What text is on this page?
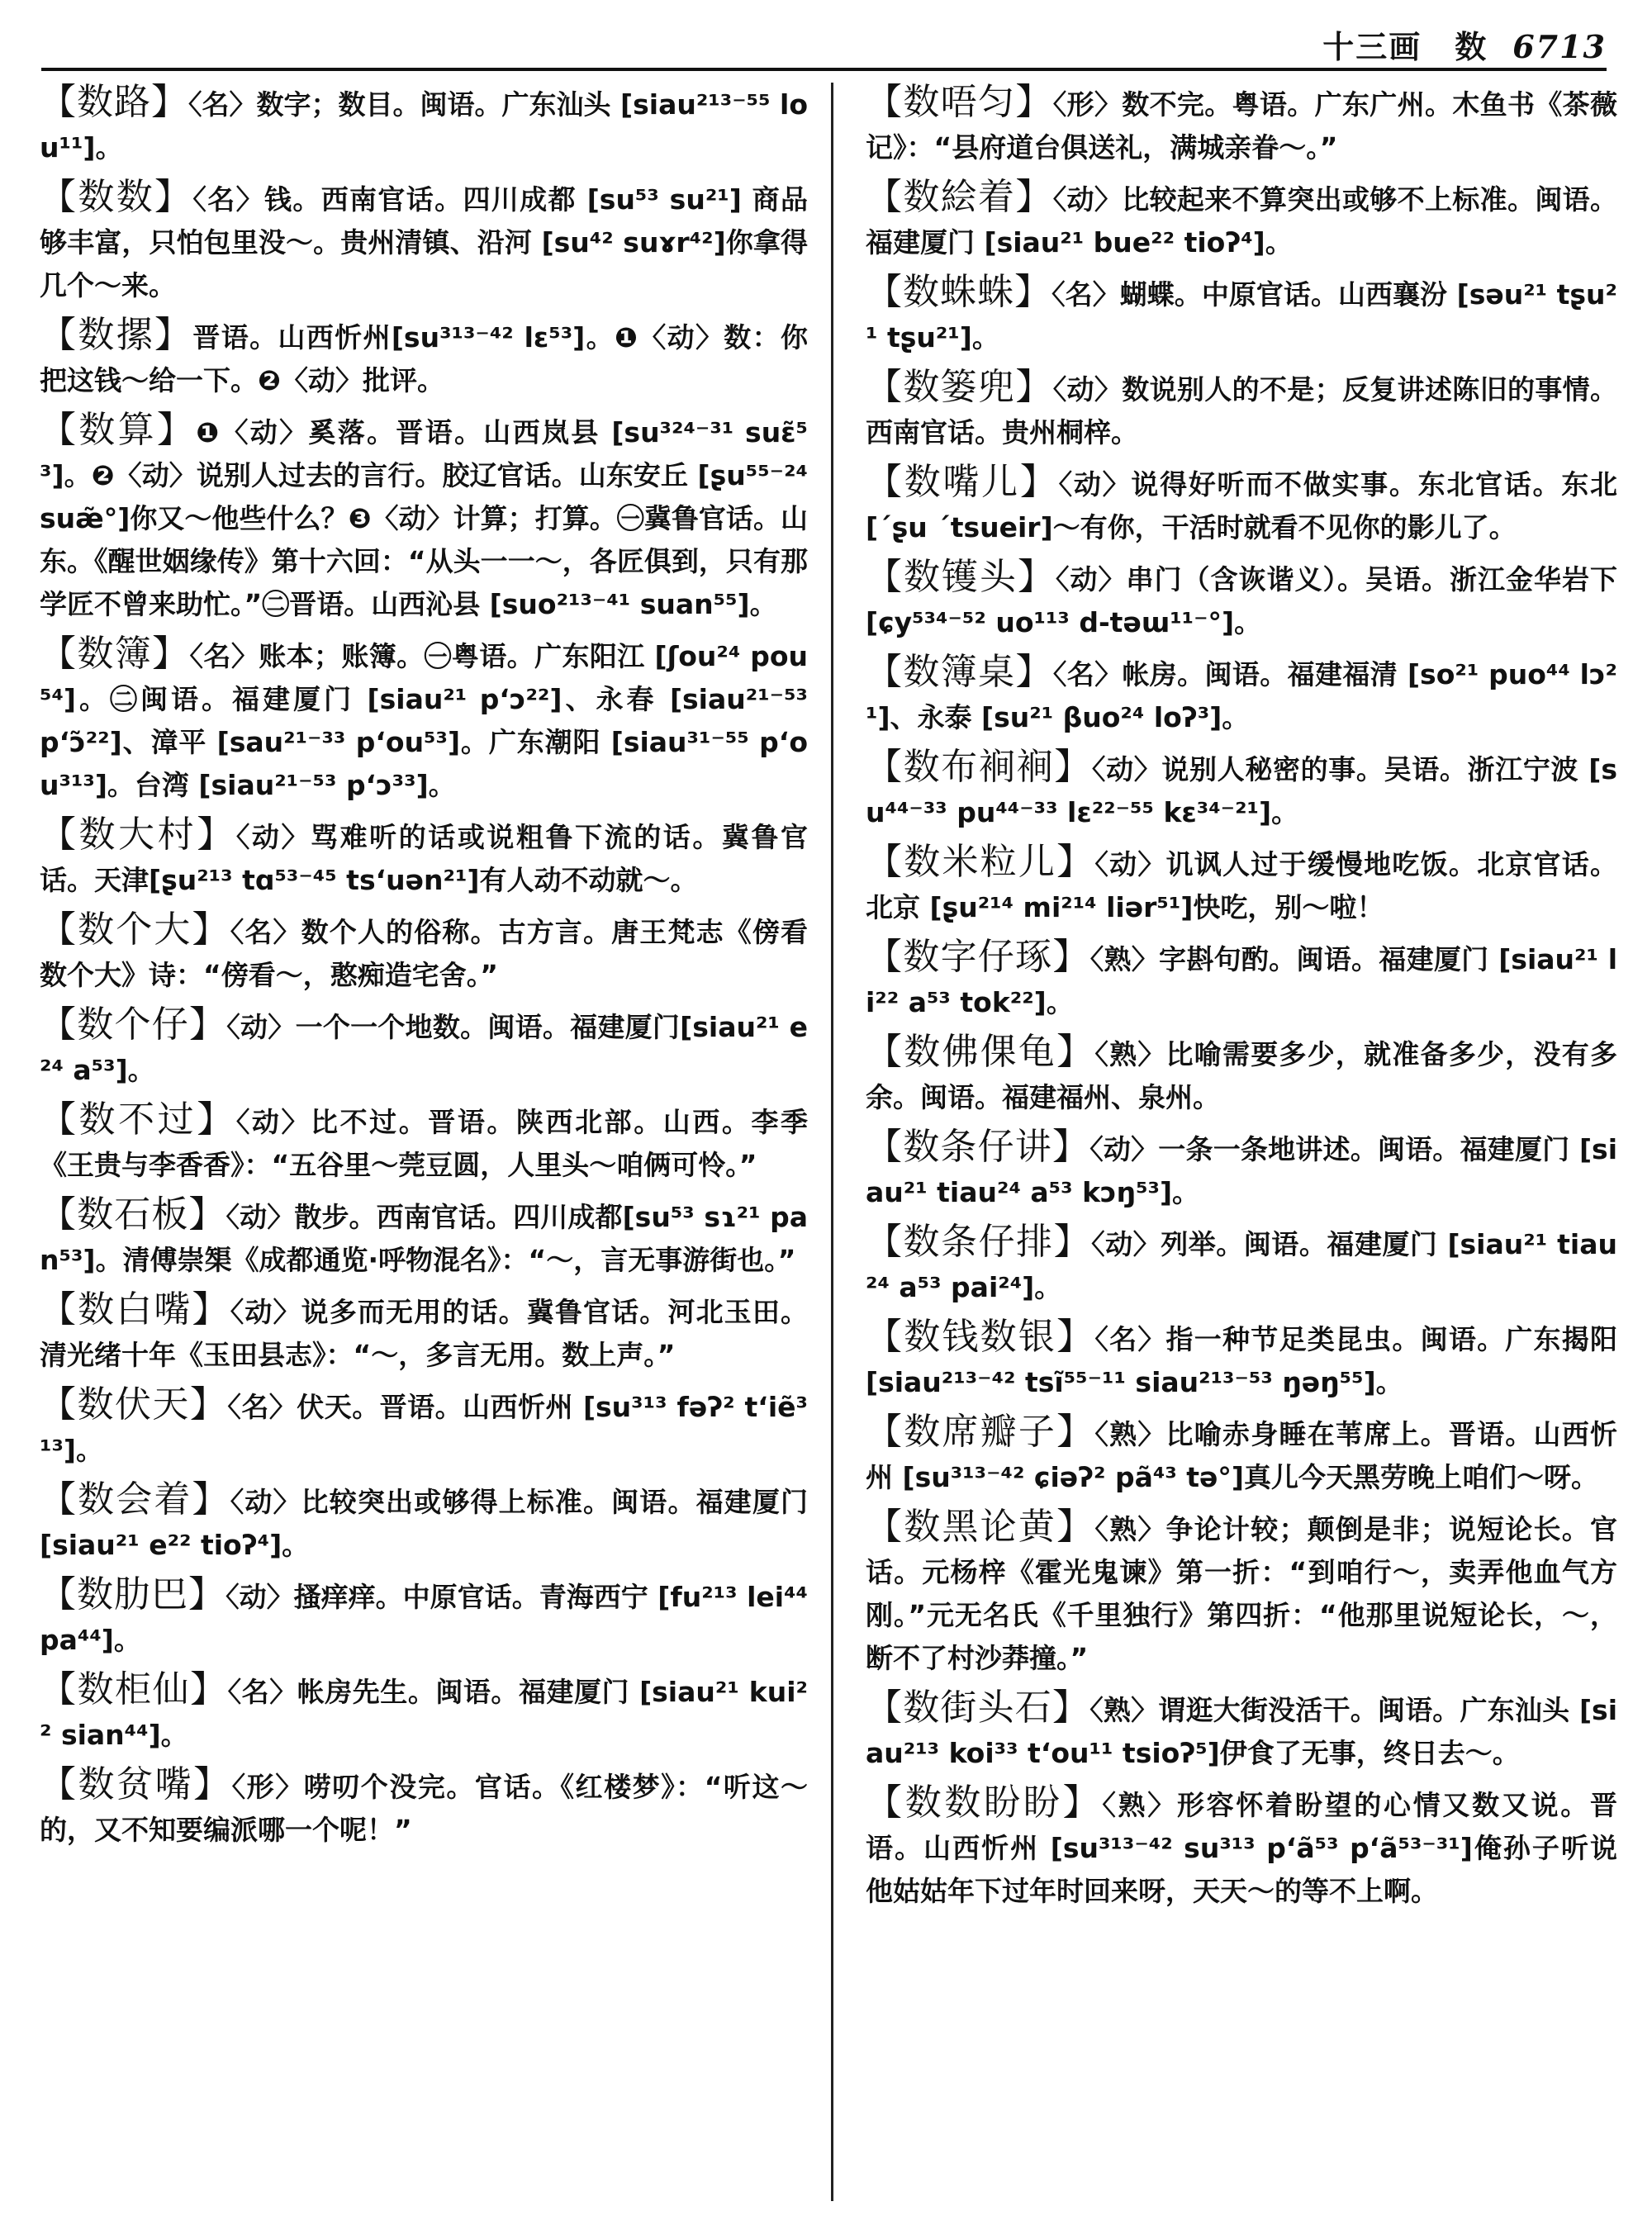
十三画　数 6713

【数路】〈名〉数字；数目。闽语。广东汕头 [siau²¹³⁻⁵⁵ lou¹¹]。

【数数】〈名〉钱。西南官话。四川成都 [su⁵³ su²¹] 商品够丰富，只怕包里没～。贵州清镇、沿河 [su⁴² suɤr⁴²]你拿得几个～来。

【数摞】晋语。山西忻州[su³¹³⁻⁴² lɛ⁵³]。❶〈动〉数：你把这钱～给一下。❷〈动〉批评。

【数算】❶〈动〉奚落。晋语。山西岚县 [su³²⁴⁻³¹ suɛ̃⁵³]。❷〈动〉说别人过去的言行。胶辽官话。山东安丘 [ʂu⁵⁵⁻²⁴ suæ̃°]你又～他些什么？❸〈动〉计算；打算。㊀冀鲁官话。山东。《醒世姻缘传》第十六回：“从头一一～，各匠俱到，只有那学匠不曾来助忙。”㊁晋语。山西沁县 [suo²¹³⁻⁴¹ suan⁵⁵]。

【数簿】〈名〉账本；账簿。㊀粤语。广东阳江 [ʃou²⁴ pou⁵⁴]。㊁闽语。福建厦门 [siau²¹ p‘ɔ²²]、永春 [siau²¹⁻⁵³ p‘ɔ̃²²]、漳平 [sau²¹⁻³³ p‘ou⁵³]。广东潮阳 [siau³¹⁻⁵⁵ p‘ou³¹³]。台湾 [siau²¹⁻⁵³ p‘ɔ³³]。

【数大村】〈动〉骂难听的话或说粗鲁下流的话。冀鲁官话。天津[ʂu²¹³ tɑ⁵³⁻⁴⁵ ts‘uən²¹]有人动不动就～。

【数个大】〈名〉数个人的俗称。古方言。唐王梵志《傍看数个大》诗：“傍看～，憨痴造宅舍。”

【数个仔】〈动〉一个一个地数。闽语。福建厦门[siau²¹ e²⁴ a⁵³]。

【数不过】〈动〉比不过。晋语。陕西北部。山西。李季《王贵与李香香》：“五谷里～莞豆圆，人里头～咱俩可怜。”

【数石板】〈动〉散步。西南官话。四川成都[su⁵³ sɿ²¹ pan⁵³]。清傅崇榘《成都通览·呼物混名》：“～，言无事游街也。”

【数白嘴】〈动〉说多而无用的话。冀鲁官话。河北玉田。清光绪十年《玉田县志》：“～，多言无用。数上声。”

【数伏天】〈名〉伏天。晋语。山西忻州 [su³¹³ fəʔ² t‘iẽ³¹³]。

【数会着】〈动〉比较突出或够得上标准。闽语。福建厦门 [siau²¹ e²² tioʔ⁴]。

【数肋巴】〈动〉搔痒痒。中原官话。青海西宁 [fu²¹³ lei⁴⁴ pa⁴⁴]。

【数柜仙】〈名〉帐房先生。闽语。福建厦门 [siau²¹ kui²² sian⁴⁴]。

【数贫嘴】〈形〉唠叨个没完。官话。《红楼梦》：“听这～的，又不知要编派哪一个呢！”

【数唔匀】〈形〉数不完。粤语。广东广州。木鱼书《茶薇记》：“县府道台俱送礼，满城亲眷～。”

【数絵着】〈动〉比较起来不算突出或够不上标准。闽语。福建厦门 [siau²¹ bue²² tioʔ⁴]。

【数蛛蛛】〈名〉蝴蝶。中原官话。山西襄汾 [səu²¹ tʂu²¹ tʂu²¹]。

【数篓兜】〈动〉数说别人的不是；反复讲述陈旧的事情。西南官话。贵州桐梓。

【数嘴儿】〈动〉说得好听而不做实事。东北官话。东北 [ˊʂu ˊtsueir]～有你，干活时就看不见你的影儿了。

【数镬头】〈动〉串门（含诙谐义）。吴语。浙江金华岩下 [ɕy⁵³⁴⁻⁵² uo¹¹³ d-təɯ¹¹⁻°]。

【数簿桌】〈名〉帐房。闽语。福建福清 [so²¹ puo⁴⁴ lɔ²¹]、永泰 [su²¹ βuo²⁴ loʔ³]。

【数布裥裥】〈动〉说别人秘密的事。吴语。浙江宁波 [su⁴⁴⁻³³ pu⁴⁴⁻³³ lɛ²²⁻⁵⁵ kɛ³⁴⁻²¹]。

【数米粒儿】〈动〉讥讽人过于缓慢地吃饭。北京官话。北京 [ʂu²¹⁴ mi²¹⁴ liər⁵¹]快吃，别～啦！

【数字仔琢】〈熟〉字斟句酌。闽语。福建厦门 [siau²¹ li²² a⁵³ tok²²]。

【数佛倮龟】〈熟〉比喻需要多少，就准备多少，没有多余。闽语。福建福州、泉州。

【数条仔讲】〈动〉一条一条地讲述。闽语。福建厦门 [siau²¹ tiau²⁴ a⁵³ kɔŋ⁵³]。

【数条仔排】〈动〉列举。闽语。福建厦门 [siau²¹ tiau²⁴ a⁵³ pai²⁴]。

【数钱数银】〈名〉指一种节足类昆虫。闽语。广东揭阳 [siau²¹³⁻⁴² tsĩ⁵⁵⁻¹¹ siau²¹³⁻⁵³ ŋəŋ⁵⁵]。

【数席瓣子】〈熟〉比喻赤身睡在苇席上。晋语。山西忻州 [su³¹³⁻⁴² ɕiəʔ² pã⁴³ tə°]真儿今天黑劳晚上咱们～呀。

【数黑论黄】〈熟〉争论计较；颠倒是非；说短论长。官话。元杨梓《霍光鬼谏》第一折：“到咱行～，卖弄他血气方刚。”元无名氏《千里独行》第四折：“他那里说短论长，～，断不了村沙莽撞。”

【数街头石】〈熟〉谓逛大街没活干。闽语。广东汕头 [siau²¹³ koi³³ t‘ou¹¹ tsioʔ⁵]伊食了无事，终日去～。

【数数盼盼】〈熟〉形容怀着盼望的心情又数又说。晋语。山西忻州 [su³¹³⁻⁴² su³¹³ p‘ã⁵³ p‘ã⁵³⁻³¹]俺孙子听说他姑姑年下过年时回来呀，天天～的等不上啊。
